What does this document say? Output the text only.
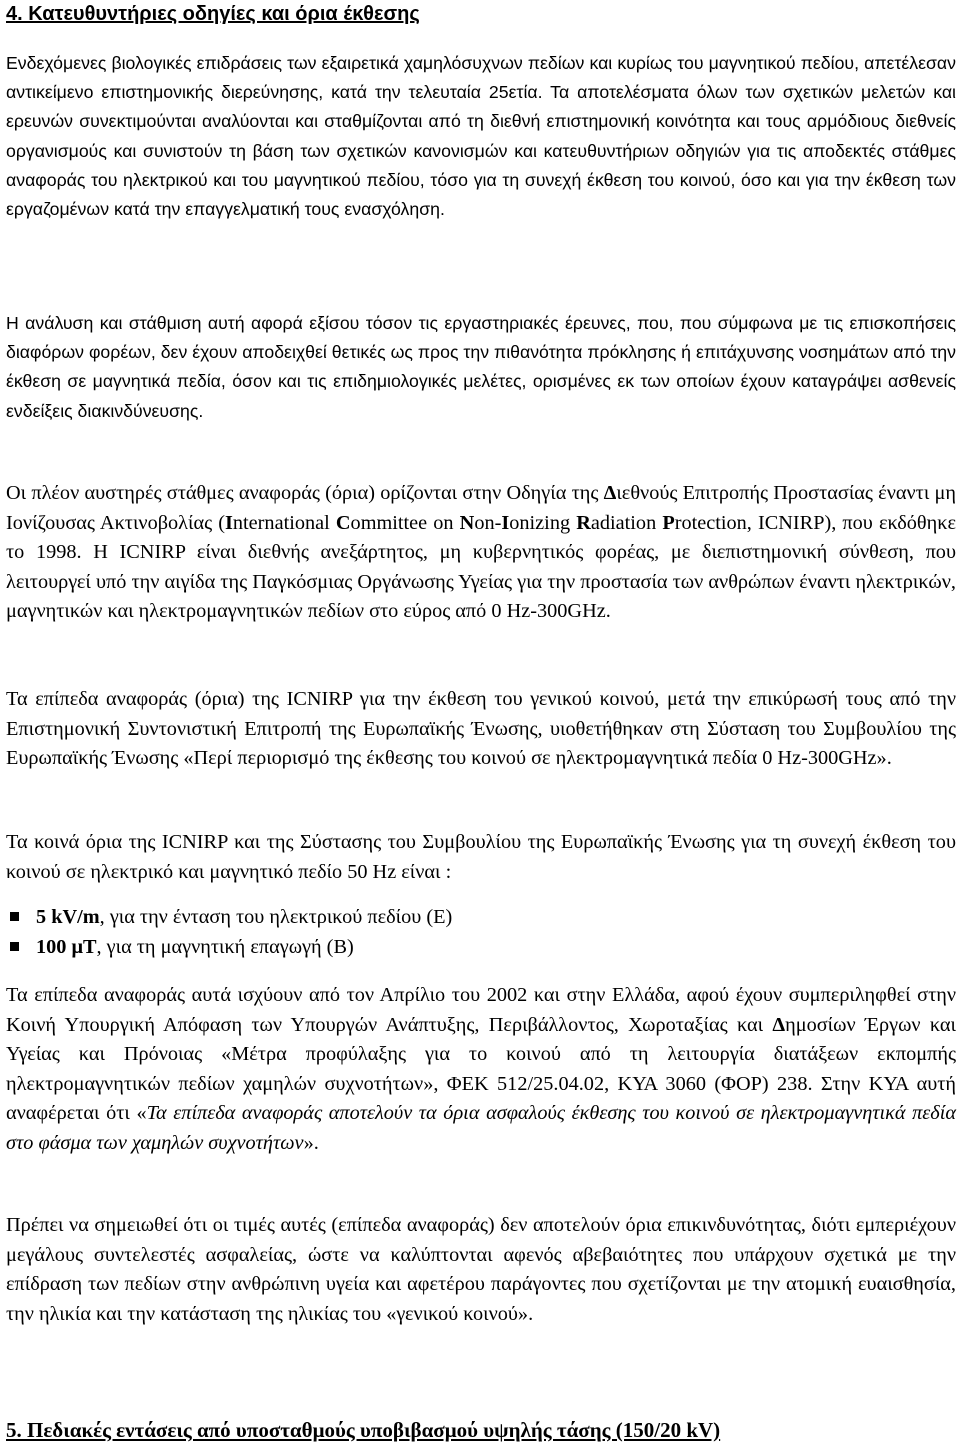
4. Κατευθυντήριες οδηγίες και όρια έκθεσης

Ενδεχόμενες βιολογικές επιδράσεις των εξαιρετικά χαμηλόσυχνων πεδίων και κυρίως του μαγνητικού πεδίου, απετέλεσαν αντικείμενο επιστημονικής διερεύνησης, κατά την τελευταία 25ετία. Τα αποτελέσματα όλων των σχετικών μελετών και ερευνών συνεκτιμούνται αναλύονται και σταθμίζονται από τη διεθνή επιστημονική κοινότητα και τους αρμόδιους διεθνείς οργανισμούς και συνιστούν τη βάση των σχετικών κανονισμών και κατευθυντήριων οδηγιών για τις αποδεκτές στάθμες αναφοράς του ηλεκτρικού και του μαγνητικού πεδίου, τόσο για τη συνεχή έκθεση του κοινού, όσο και για την έκθεση των εργαζομένων κατά την επαγγελματική τους ενασχόληση.

Η ανάλυση και στάθμιση αυτή αφορά εξίσου τόσον τις εργαστηριακές έρευνες, που, που σύμφωνα με τις επισκοπήσεις διαφόρων φορέων, δεν έχουν αποδειχθεί θετικές ως προς την πιθανότητα πρόκλησης ή επιτάχυνσης νοσημάτων από την έκθεση σε μαγνητικά πεδία, όσον και τις επιδημιολογικές μελέτες, ορισμένες εκ των οποίων έχουν καταγράψει ασθενείς ενδείξεις διακινδύνευσης.

Οι πλέον αυστηρές στάθμες αναφοράς (όρια) ορίζονται στην Οδηγία της Διεθνούς Επιτροπής Προστασίας έναντι μη Ιονίζουσας Ακτινοβολίας (International Committee on Non-Ionizing Radiation Protection, ICNIRP), που εκδόθηκε το 1998. Η ICNIRP είναι διεθνής ανεξάρτητος, μη κυβερνητικός φορέας, με διεπιστημονική σύνθεση, που λειτουργεί υπό την αιγίδα της Παγκόσμιας Οργάνωσης Υγείας για την προστασία των ανθρώπων έναντι ηλεκτρικών, μαγνητικών και ηλεκτρομαγνητικών πεδίων στο εύρος από 0 Hz-300GHz.

Τα επίπεδα αναφοράς (όρια) της ICNIRP για την έκθεση του γενικού κοινού, μετά την επικύρωσή τους από την Επιστημονική Συντονιστική Επιτροπή της Ευρωπαϊκής Ένωσης, υιοθετήθηκαν στη Σύσταση του Συμβουλίου της Ευρωπαϊκής Ένωσης «Περί περιορισμό της έκθεσης του κοινού σε ηλεκτρομαγνητικά πεδία 0 Hz-300GHz».

Τα κοινά όρια της ICNIRP και της Σύστασης του Συμβουλίου της Ευρωπαϊκής Ένωσης για τη συνεχή έκθεση του κοινού σε ηλεκτρικό και μαγνητικό πεδίο 50 Hz είναι :

5 kV/m, για την ένταση του ηλεκτρικού πεδίου (Ε)
100 μT, για τη μαγνητική επαγωγή (Β)

Τα επίπεδα αναφοράς αυτά ισχύουν από τον Απρίλιο του 2002 και στην Ελλάδα, αφού έχουν συμπεριληφθεί στην Κοινή Υπουργική Απόφαση των Υπουργών Ανάπτυξης, Περιβάλλοντος, Χωροταξίας και Δημοσίων Έργων και Υγείας και Πρόνοιας «Μέτρα προφύλαξης για το κοινού από τη λειτουργία διατάξεων εκπομπής ηλεκτρομαγνητικών πεδίων χαμηλών συχνοτήτων», ΦΕΚ 512/25.04.02, ΚΥΑ 3060 (ΦΟΡ) 238. Στην ΚΥΑ αυτή αναφέρεται ότι «Τα επίπεδα αναφοράς αποτελούν τα όρια ασφαλούς έκθεσης του κοινού σε ηλεκτρομαγνητικά πεδία στο φάσμα των χαμηλών συχνοτήτων».

Πρέπει να σημειωθεί ότι οι τιμές αυτές (επίπεδα αναφοράς) δεν αποτελούν όρια επικινδυνότητας, διότι εμπεριέχουν μεγάλους συντελεστές ασφαλείας, ώστε να καλύπτονται αφενός αβεβαιότητες που υπάρχουν σχετικά με την επίδραση των πεδίων στην ανθρώπινη υγεία και αφετέρου παράγοντες που σχετίζονται με την ατομική ευαισθησία, την ηλικία και την κατάσταση της ηλικίας του «γενικού κοινού».

5. Πεδιακές εντάσεις από υποσταθμούς υποβιβασμού υψηλής τάσης (150/20 kV)
